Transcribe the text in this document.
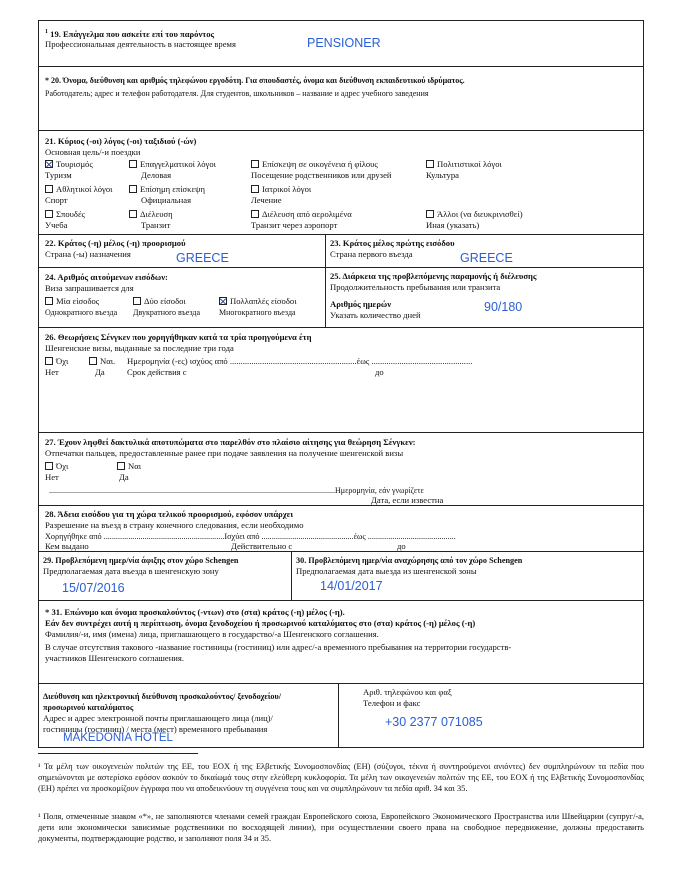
$^1$ 19. Επάγγελμα που ασκείτε επί του παρόντος
Профессиональная деятельность в настоящее время	PENSIONER
* 20. Όνομα, διεύθυνση και αριθμός τηλεφώνου εργοδότη. Για σπουδαστές, όνομα και διεύθυνση εκπαιδευτικού ιδρύματος.
Работодатель; адрес и телефон работодателя. Для студентов, школьников – название и адрес учебного заведения
21. Κύριος (-οι) λόγος (-οι) ταξιδιού (-ών)
Основная цель/-и поездки
Τουρισμός
Туризм
Επαγγελματικοί λόγοι
Деловая
Επίσκεψη σε οικογένεια ή φίλους
Посещение родственников или друзей
Πολιτιστικοί λόγοι
Культура
Αθλητικοί λόγοι
Спорт
Επίσημη επίσκεψη
Официальная
Ιατρικοί λόγοι
Лечение
Σπουδές
Учеба
Διέλευση
Транзит
Διέλευση από αερολιμένα
Транзит через аэропорт
Άλλοι (να διευκρινισθεί)
Иная (указать)
22. Κράτος (-η) μέλος (-η) προορισμού
Страна (-ы) назначения	GREECE
23. Κράτος μέλος πρώτης εισόδου
Страна первого въезда	GREECE
24. Αριθμός αιτούμενων εισόδων:
Виза запрашивается для
Μία είσοδος
Однократного въезда
Δύο είσοδοι
Двукратного въезда
Πολλαπλές είσοδοι
Многократного въезда
25. Διάρκεια της προβλεπόμενης παραμονής ή διέλευσης
Продолжительность пребывания или транзита
Αριθμός ημερών
Указать количество дней
90/180
26. Θεωρήσεις Σένγκεν που χορηγήθηκαν κατά τα τρία προηγούμενα έτη
Шенгенские визы, выданные за последние три года
Όχι
Нет
Ναι.
Да
Ημερομηνία (-ες) ισχύος από ...........................................................έως ...............................................
Срок действия с	до
27. Έχουν ληφθεί δακτυλικά αποτυπώματα στο παρελθόν στο πλαίσιο αίτησης για θεώρηση Σένγκεν:
Отпечатки пальцев, предоставленные ранее при подаче заявления на получение шенгенской визы
Όχι
Нет
Ναι
Да
...............................................................................................................................................Ημερομηνία, εάν γνωρίζετε
Дата, если известна
28. Άδεια εισόδου για τη χώρα τελικού προορισμού, εφόσον υπάρχει
Разрешение на въезд в страну конечного следования, если необходимо
Χορηγήθηκε από ...........................................................Ισχύει από .............................................έως ...........................................
Кем выдано	Действительно с	до
29. Προβλεπόμενη ημερ/νία άφιξης στον χώρο Schengen
Предполагаемая дата въезда в шенгенскую зону
15/07/2016
30. Προβλεπόμενη ημερ/νία αναχώρησης από τον χώρο Schengen
Предполагаемая дата выезда из шенгенской зоны
14/01/2017
* 31. Επώνυμο και όνομα προσκαλούντος (-ντων) στο (στα) κράτος (-η) μέλος (-η).
Εάν δεν συντρέχει αυτή η περίπτωση, όνομα ξενοδοχείου ή προσωρινού καταλύματος στο (στα) κράτος (-η) μέλος (-η)
Фамилия/-и, имя (имена) лица, приглашающего в государство/-а Шенгенского соглашения.
В случае отсутствия такового -название гостиницы (гостиниц) или адрес/-а временного пребывания на территории государств-
участников Шенгенского соглашения.
Διεύθυνση και ηλεκτρονική διεύθυνση προσκαλούντος/ ξενοδοχείου/
προσωρινού καταλύματος
Адрес и адрес электронной почты приглашающего лица (лиц)/
гостиницы (гостиниц) / места (мест) временного пребывания
MAKEDONIA HOTEL
Αριθ. τηλεφώνου και φαξ
Телефон и факс
+30 2377 071085
¹ Τα μέλη των οικογενειών πολιτών της ΕΕ, του ΕΟΧ ή της Ελβετικής Συνομοσπονδίας (ΕΗ) (σύζυγοι, τέκνα ή συντηρούμενοι ανιόντες) δεν συμπληρώνουν τα πεδία που σημειώνονται με αστερίσκο εφόσον ασκούν το δικαίωμά τους στην ελεύθερη κυκλοφορία. Τα μέλη των οικογενειών πολιτών της ΕΕ, του ΕΟΧ ή της Ελβετικής Συνομοσπονδίας (ΕΗ) πρέπει να προσκομίζουν έγγραφα που να αποδεικνύουν τη συγγένεια τους και να συμπληρώνουν τα πεδία αριθ. 34 και 35.
¹ Поля, отмеченные знаком «*», не заполняются членами семей граждан Европейского союза, Европейского Экономического Пространства или Швейцарии (супруг/-а, дети или экономически зависимые родственники по восходящей линии), при осуществлении своего права на свободное передвижение, должны предоставить документы, подтверждающие родство, и заполняют поля 34 и 35.
